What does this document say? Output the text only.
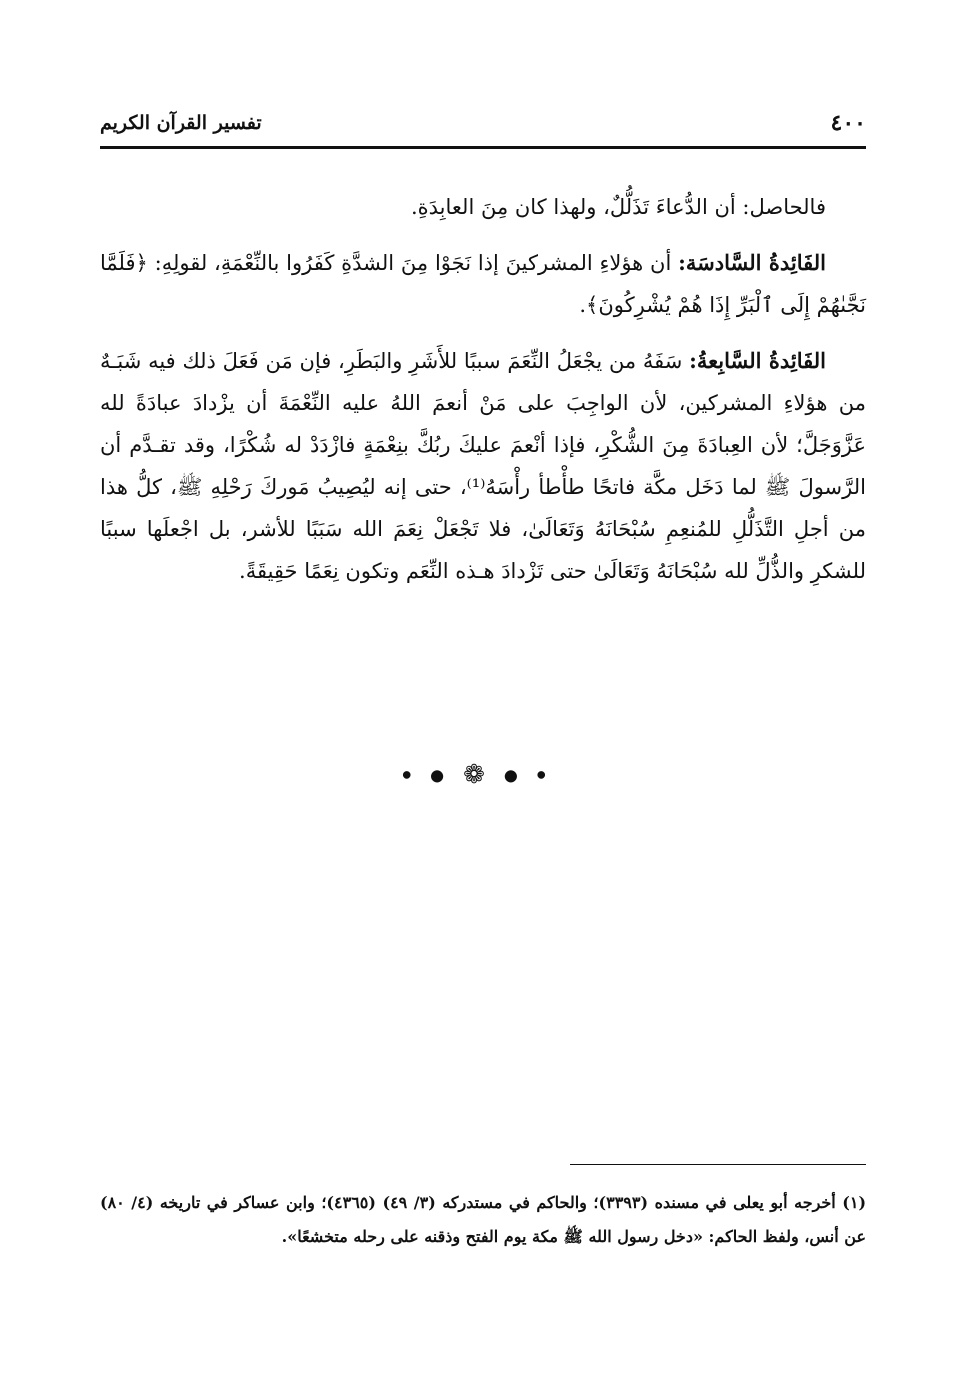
٤٠٠
تفسير القرآن الكريم

فالحاصل: أن الدُّعاءَ تَذَلُّلٌ، ولهذا كان مِنَ العابِدَةِ.

الفَائِدةُ السَّادسَة: أن هؤلاءِ المشركينَ إذا نَجَوْا مِنَ الشدَّةِ كَفَرُوا بالنِّعْمَةِ، لقولِهِ: ﴿فَلَمَّا نَجَّىٰهُمْ إِلَى ٱلْبَرِّ إِذَا هُمْ يُشْرِكُونَ﴾.

الفَائِدةُ السَّابِعةُ: سَفَهُ من يجْعَلُ النِّعَمَ سببًا للأَشَرِ والبَطَرِ، فإن مَن فَعَلَ ذلك فيه شَبَـهٌ من هؤلاءِ المشركين، لأن الواجِبَ على مَنْ أنعمَ اللهُ عليه النِّعْمَةَ أن يزْدادَ عبادَةً لله عَزَّوَجَلَّ؛ لأن العِبادَةَ مِنَ الشُّكْرِ، فإذا أنْعمَ عليكَ ربُكَّ بنِعْمَةٍ فازْدَدْ له شُكْرًا، وقد تقـدَّم أن الرَّسولَ ﷺ لما دَخَل مكَّة فاتحًا طأْطأ رأْسَهُ⁽¹⁾، حتى إنه ليُصِيبُ مَوركَ رَحْلِهِ ﷺ، كلُّ هذا من أجلِ التَّذَلُّلِ للمُنعِمِ سُبْحَانَهُ وَتَعَالَىٰ، فلا تَجْعَلْ نِعَمَ الله سَبَبًا للأشر، بل اجْعلَها سببًا للشكرِ والذُّلِّ لله سُبْحَانَهُ وَتَعَالَىٰ حتى تَزْدادَ هـذه النِّعَم وتكون نِعَمًا حَقِيقَةً.

● ● ❁ ● ●
(١) أخرجه أبو يعلى في مسنده (٣٣٩٣)؛ والحاكم في مستدركه (٣/ ٤٩) (٤٣٦٥)؛ وابن عساكر في تاريخه (٤/ ٨٠) عن أنس، ولفظ الحاكم: «دخل رسول الله ﷺ مكة يوم الفتح وذقنه على رحله متخشعًا».
